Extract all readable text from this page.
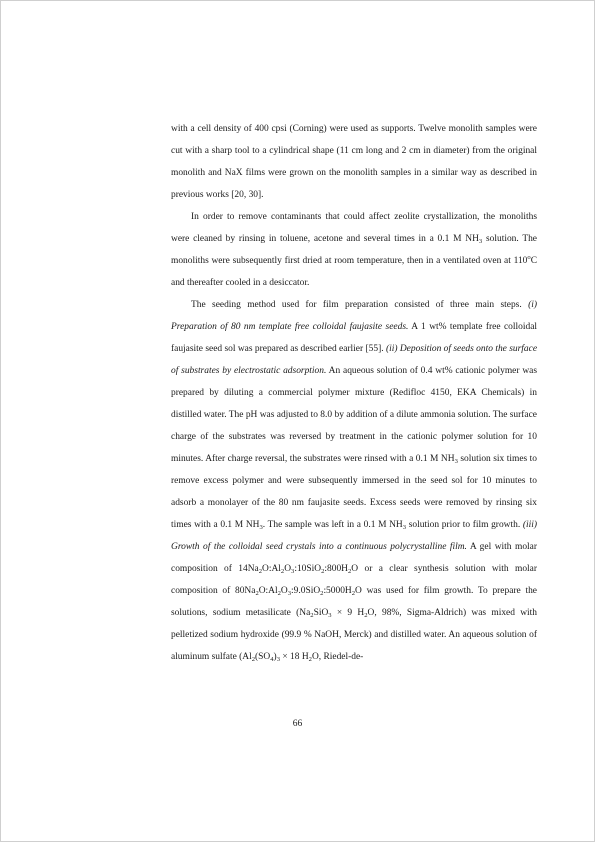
with a cell density of 400 cpsi (Corning) were used as supports. Twelve monolith samples were cut with a sharp tool to a cylindrical shape (11 cm long and 2 cm in diameter) from the original monolith and NaX films were grown on the monolith samples in a similar way as described in previous works [20, 30].

In order to remove contaminants that could affect zeolite crystallization, the monoliths were cleaned by rinsing in toluene, acetone and several times in a 0.1 M $NH_3$ solution. The monoliths were subsequently first dried at room temperature, then in a ventilated oven at 110$^o$C and thereafter cooled in a desiccator.

The seeding method used for film preparation consisted of three main steps. (i) Preparation of 80 nm template free colloidal faujasite seeds. A 1 wt% template free colloidal faujasite seed sol was prepared as described earlier [55]. (ii) Deposition of seeds onto the surface of substrates by electrostatic adsorption. An aqueous solution of 0.4 wt% cationic polymer was prepared by diluting a commercial polymer mixture (Redifloc 4150, EKA Chemicals) in distilled water. The pH was adjusted to 8.0 by addition of a dilute ammonia solution. The surface charge of the substrates was reversed by treatment in the cationic polymer solution for 10 minutes. After charge reversal, the substrates were rinsed with a 0.1 M $NH_3$ solution six times to remove excess polymer and were subsequently immersed in the seed sol for 10 minutes to adsorb a monolayer of the 80 nm faujasite seeds. Excess seeds were removed by rinsing six times with a 0.1 M $NH_3$. The sample was left in a 0.1 M $NH_3$ solution prior to film growth. (iii) Growth of the colloidal seed crystals into a continuous polycrystalline film. A gel with molar composition of $14Na_2O:Al_2O_3:10SiO_2:800H_2O$ or a clear synthesis solution with molar composition of $80Na_2O:Al_2O_3:9.0SiO_2:5000H_2O$ was used for film growth. To prepare the solutions, sodium metasilicate ($Na_2SiO_3 \times 9$ $H_2O$, 98%, Sigma-Aldrich) was mixed with pelletized sodium hydroxide (99.9 % NaOH, Merck) and distilled water. An aqueous solution of aluminum sulfate ($Al_2(SO_4)_3 \times 18$ $H_2O$, Riedel-de-

66
